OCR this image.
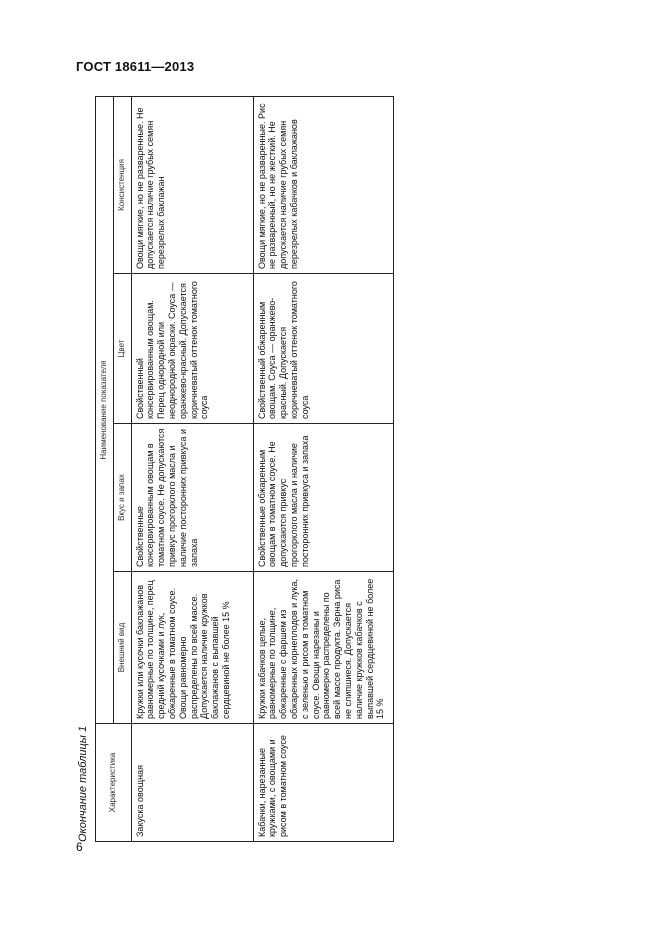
ГОСТ 18611—2013
Окончание таблицы 1 Характеристика	Наименование показателя			
	Внешний вид	Вкус и запах	Цвет	Консистенция
Закуска овощная	Кружки или кусочки баклажанов равномерные по толщине, перец средний кусочками и лук, обжаренные в томатном соусе. Овощи равномерно распределены по всей массе. Допускается наличие кружков баклажанов с выпавшей сердцевиной не более 15 %	Свойственные консервированным овощам в томатном соусе. Не допускаются привкус прогорклого масла и наличие посторонних привкуса и запаха	Свойственный консервированным овощам. Перец однородной или неоднородной окраски. Соуса — оранжево-красный. Допускается коричневатый оттенок томатного соуса	Овощи мягкие, но не разваренные. Не допускается наличие грубых семян перезрелых баклажан
Кабачки, нарезанные кружками, с овощами и рисом в томатном соусе	Кружки кабачков целые, равномерные по толщине, обжаренные с фаршем из обжаренных корнеплодов и лука, с зеленью и рисом в томатном соусе. Овощи нарезаны и равномерно распределены по всей массе продукта. Зерна риса не слипшиеся. Допускается наличие кружков кабачков с выпавшей сердцевиной не более 15 %	Свойственные обжаренным овощам в томатном соусе. Не допускаются привкус прогорклого масла и наличие посторонних привкуса и запаха	Свойственный обжаренным овощам. Соуса — оранжево-красный. Допускается коричневатый оттенок томатного соуса	Овощи мягкие, но не разваренные. Рис не разваренный, но не жесткий. Не допускается наличие грубых семян перезрелых кабачков и баклажанов
6
